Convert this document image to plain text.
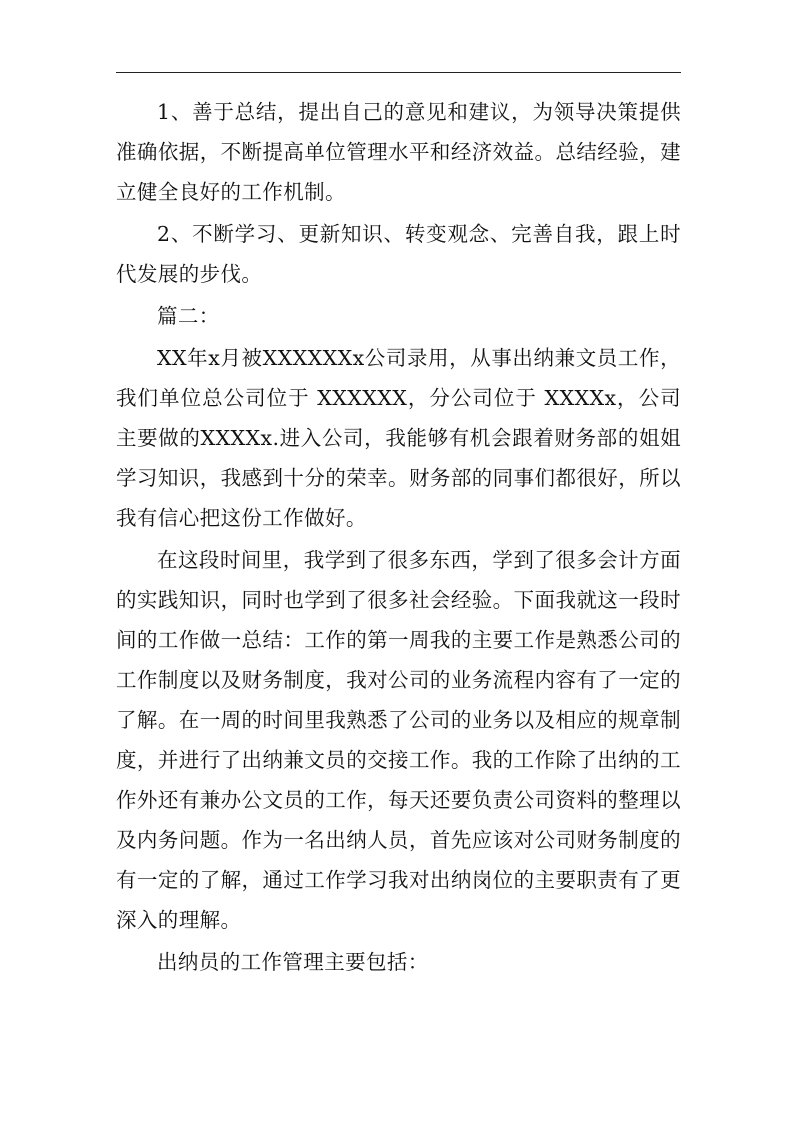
1、善于总结，提出自己的意见和建议，为领导决策提供准确依据，不断提高单位管理水平和经济效益。总结经验，建立健全良好的工作机制。

2、不断学习、更新知识、转变观念、完善自我，跟上时代发展的步伐。

篇二：

XX年x月被XXXXXXx公司录用，从事出纳兼文员工作，我们单位总公司位于 XXXXXX，分公司位于 XXXXx，公司主要做的XXXXx.进入公司，我能够有机会跟着财务部的姐姐学习知识，我感到十分的荣幸。财务部的同事们都很好，所以我有信心把这份工作做好。

在这段时间里，我学到了很多东西，学到了很多会计方面的实践知识，同时也学到了很多社会经验。下面我就这一段时间的工作做一总结：工作的第一周我的主要工作是熟悉公司的工作制度以及财务制度，我对公司的业务流程内容有了一定的了解。在一周的时间里我熟悉了公司的业务以及相应的规章制度，并进行了出纳兼文员的交接工作。我的工作除了出纳的工作外还有兼办公文员的工作，每天还要负责公司资料的整理以及内务问题。作为一名出纳人员，首先应该对公司财务制度的有一定的了解，通过工作学习我对出纳岗位的主要职责有了更深入的理解。

出纳员的工作管理主要包括：
